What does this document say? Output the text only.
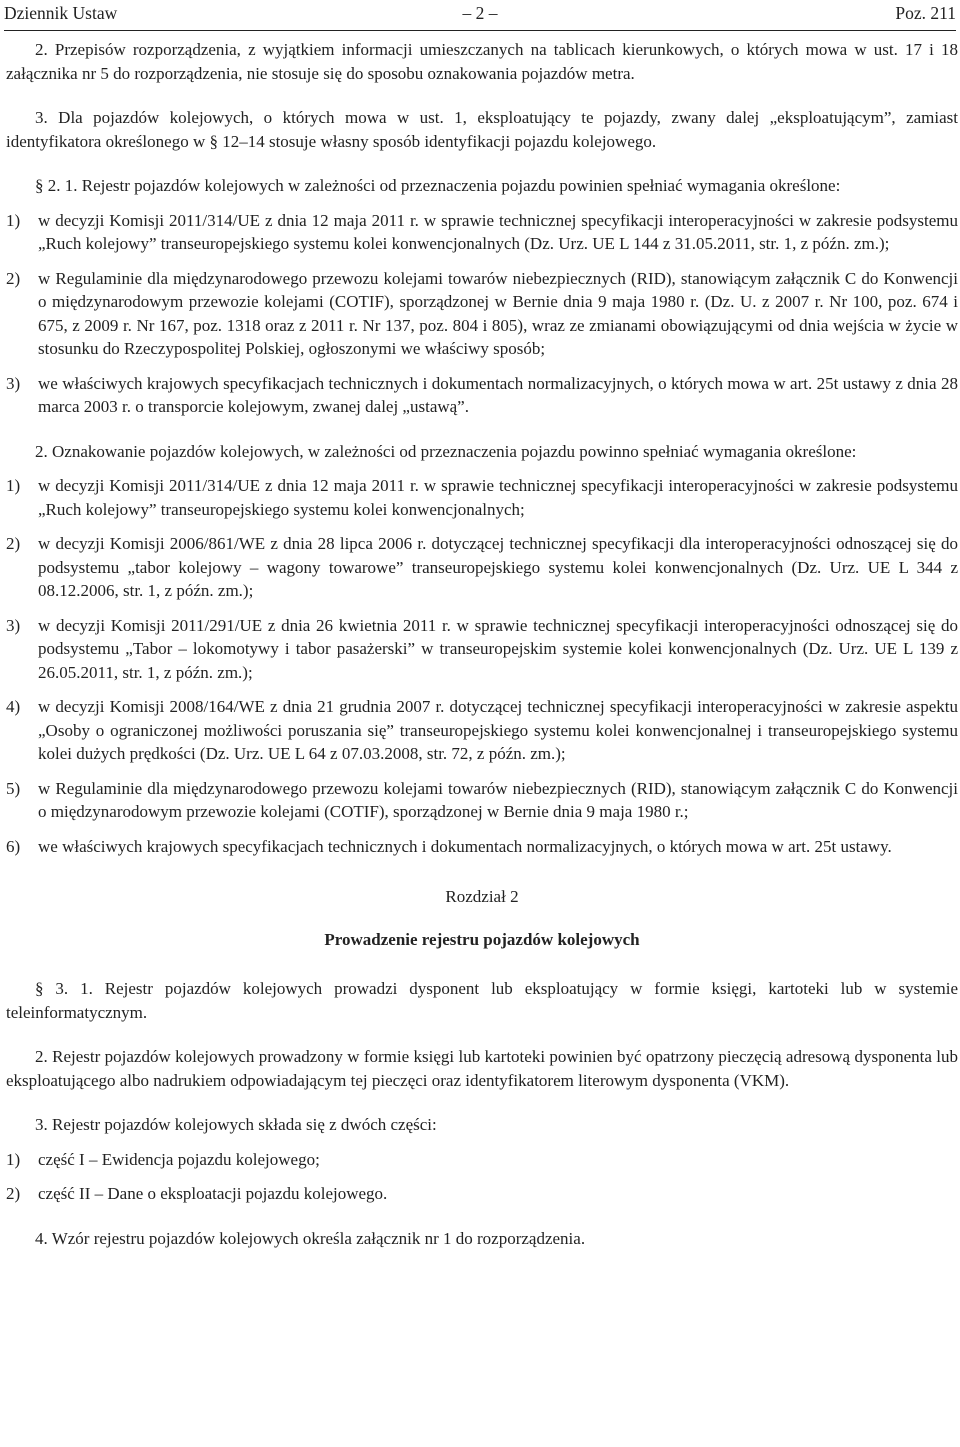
Dziennik Ustaw	– 2 –	Poz. 211

2. Przepisów rozporządzenia, z wyjątkiem informacji umieszczanych na tablicach kierunkowych, o których mowa w ust. 17 i 18 załącznika nr 5 do rozporządzenia, nie stosuje się do sposobu oznakowania pojazdów metra.

3. Dla pojazdów kolejowych, o których mowa w ust. 1, eksploatujący te pojazdy, zwany dalej „eksploatującym”, zamiast identyfikatora określonego w § 12–14 stosuje własny sposób identyfikacji pojazdu kolejowego.

§ 2. 1. Rejestr pojazdów kolejowych w zależności od przeznaczenia pojazdu powinien spełniać wymagania określone:

1) w decyzji Komisji 2011/314/UE z dnia 12 maja 2011 r. w sprawie technicznej specyfikacji interoperacyjności w zakresie podsystemu „Ruch kolejowy” transeuropejskiego systemu kolei konwencjonalnych (Dz. Urz. UE L 144 z 31.05.2011, str. 1, z późn. zm.);

2) w Regulaminie dla międzynarodowego przewozu kolejami towarów niebezpiecznych (RID), stanowiącym załącznik C do Konwencji o międzynarodowym przewozie kolejami (COTIF), sporządzonej w Bernie dnia 9 maja 1980 r. (Dz. U. z 2007 r. Nr 100, poz. 674 i 675, z 2009 r. Nr 167, poz. 1318 oraz z 2011 r. Nr 137, poz. 804 i 805), wraz ze zmianami obowiązującymi od dnia wejścia w życie w stosunku do Rzeczypospolitej Polskiej, ogłoszonymi we właściwy sposób;

3) we właściwych krajowych specyfikacjach technicznych i dokumentach normalizacyjnych, o których mowa w art. 25t ustawy z dnia 28 marca 2003 r. o transporcie kolejowym, zwanej dalej „ustawą”.

2. Oznakowanie pojazdów kolejowych, w zależności od przeznaczenia pojazdu powinno spełniać wymagania określone:

1) w decyzji Komisji 2011/314/UE z dnia 12 maja 2011 r. w sprawie technicznej specyfikacji interoperacyjności w zakresie podsystemu „Ruch kolejowy” transeuropejskiego systemu kolei konwencjonalnych;

2) w decyzji Komisji 2006/861/WE z dnia 28 lipca 2006 r. dotyczącej technicznej specyfikacji dla interoperacyjności odnoszącej się do podsystemu „tabor kolejowy – wagony towarowe” transeuropejskiego systemu kolei konwencjonalnych (Dz. Urz. UE L 344 z 08.12.2006, str. 1, z późn. zm.);

3) w decyzji Komisji 2011/291/UE z dnia 26 kwietnia 2011 r. w sprawie technicznej specyfikacji interoperacyjności odnoszącej się do podsystemu „Tabor – lokomotywy i tabor pasażerski” w transeuropejskim systemie kolei konwencjonalnych (Dz. Urz. UE L 139 z 26.05.2011, str. 1, z późn. zm.);

4) w decyzji Komisji 2008/164/WE z dnia 21 grudnia 2007 r. dotyczącej technicznej specyfikacji interoperacyjności w zakresie aspektu „Osoby o ograniczonej możliwości poruszania się” transeuropejskiego systemu kolei konwencjonalnej i transeuropejskiego systemu kolei dużych prędkości (Dz. Urz. UE L 64 z 07.03.2008, str. 72, z późn. zm.);

5) w Regulaminie dla międzynarodowego przewozu kolejami towarów niebezpiecznych (RID), stanowiącym załącznik C do Konwencji o międzynarodowym przewozie kolejami (COTIF), sporządzonej w Bernie dnia 9 maja 1980 r.;

6) we właściwych krajowych specyfikacjach technicznych i dokumentach normalizacyjnych, o których mowa w art. 25t ustawy.

Rozdział 2

Prowadzenie rejestru pojazdów kolejowych

§ 3. 1. Rejestr pojazdów kolejowych prowadzi dysponent lub eksploatujący w formie księgi, kartoteki lub w systemie teleinformatycznym.

2. Rejestr pojazdów kolejowych prowadzony w formie księgi lub kartoteki powinien być opatrzony pieczęcią adresową dysponenta lub eksploatującego albo nadrukiem odpowiadającym tej pieczęci oraz identyfikatorem literowym dysponenta (VKM).

3. Rejestr pojazdów kolejowych składa się z dwóch części:

1) część I – Ewidencja pojazdu kolejowego;

2) część II – Dane o eksploatacji pojazdu kolejowego.

4. Wzór rejestru pojazdów kolejowych określa załącznik nr 1 do rozporządzenia.
